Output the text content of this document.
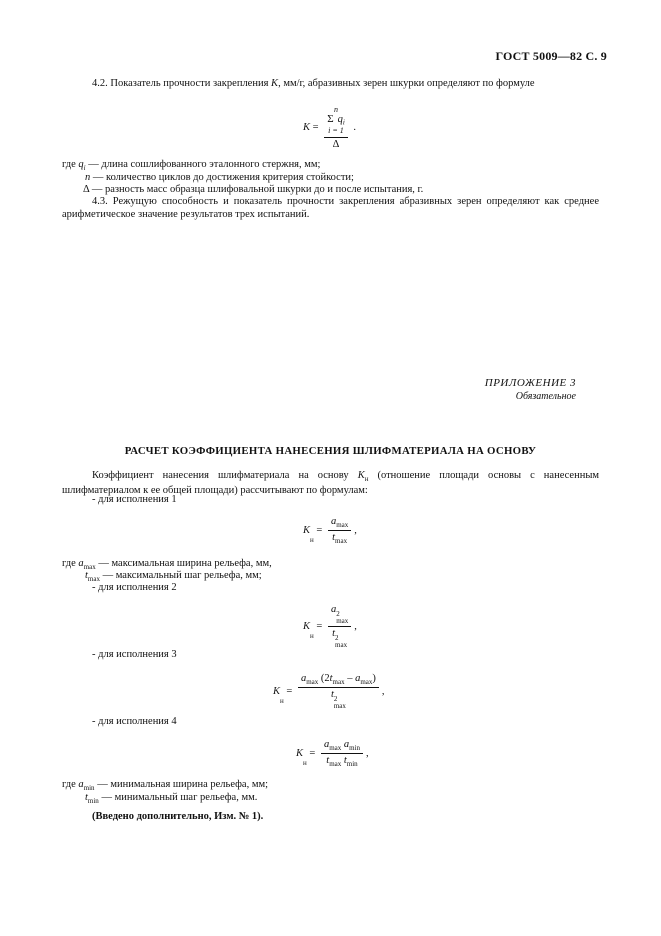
ГОСТ 5009—82 С. 9
4.2. Показатель прочности закрепления K, мм/г, абразивных зерен шкурки определяют по формуле
K = n
Σ $q_i$
i = 1
Δ .
где $q_i$ — длина сошлифованного эталонного стержня, мм;
n — количество циклов до достижения критерия стойкости;
Δ — разность масс образца шлифовальной шкурки до и после испытания, г.
4.3. Режущую способность и показатель прочности закрепления абразивных зерен определяют как среднее арифметическое значение результатов трех испытаний.
ПРИЛОЖЕНИЕ 3
Обязательное
РАСЧЕТ КОЭФФИЦИЕНТА НАНЕСЕНИЯ ШЛИФМАТЕРИАЛА НА ОСНОВУ
Коэффициент нанесения шлифматериала на основу $K_н$ (отношение площади основы с нанесенным шлифматериалом к ее общей площади) рассчитывают по формулам:
- для исполнения 1
$K_н = \frac{a_{max}}{t_{max}}$ ,
где $a_{max}$ — максимальная ширина рельефа, мм,
$t_{max}$ — максимальный шаг рельефа, мм;
- для исполнения 2
$K_н = a$ 2
max
t 2
max ,
- для исполнения 3
$K_н = a_{max}$ $(2t_{max} - a_{max})$
t 2
max ,
- для исполнения 4
$K_н = \frac{a_{max} a_{min}}{t_{max} t_{min}}$ ,
где $a_{min}$ — минимальная ширина рельефа, мм;
$t_{min}$ — минимальный шаг рельефа, мм.
(Введено дополнительно, Изм. № 1).
